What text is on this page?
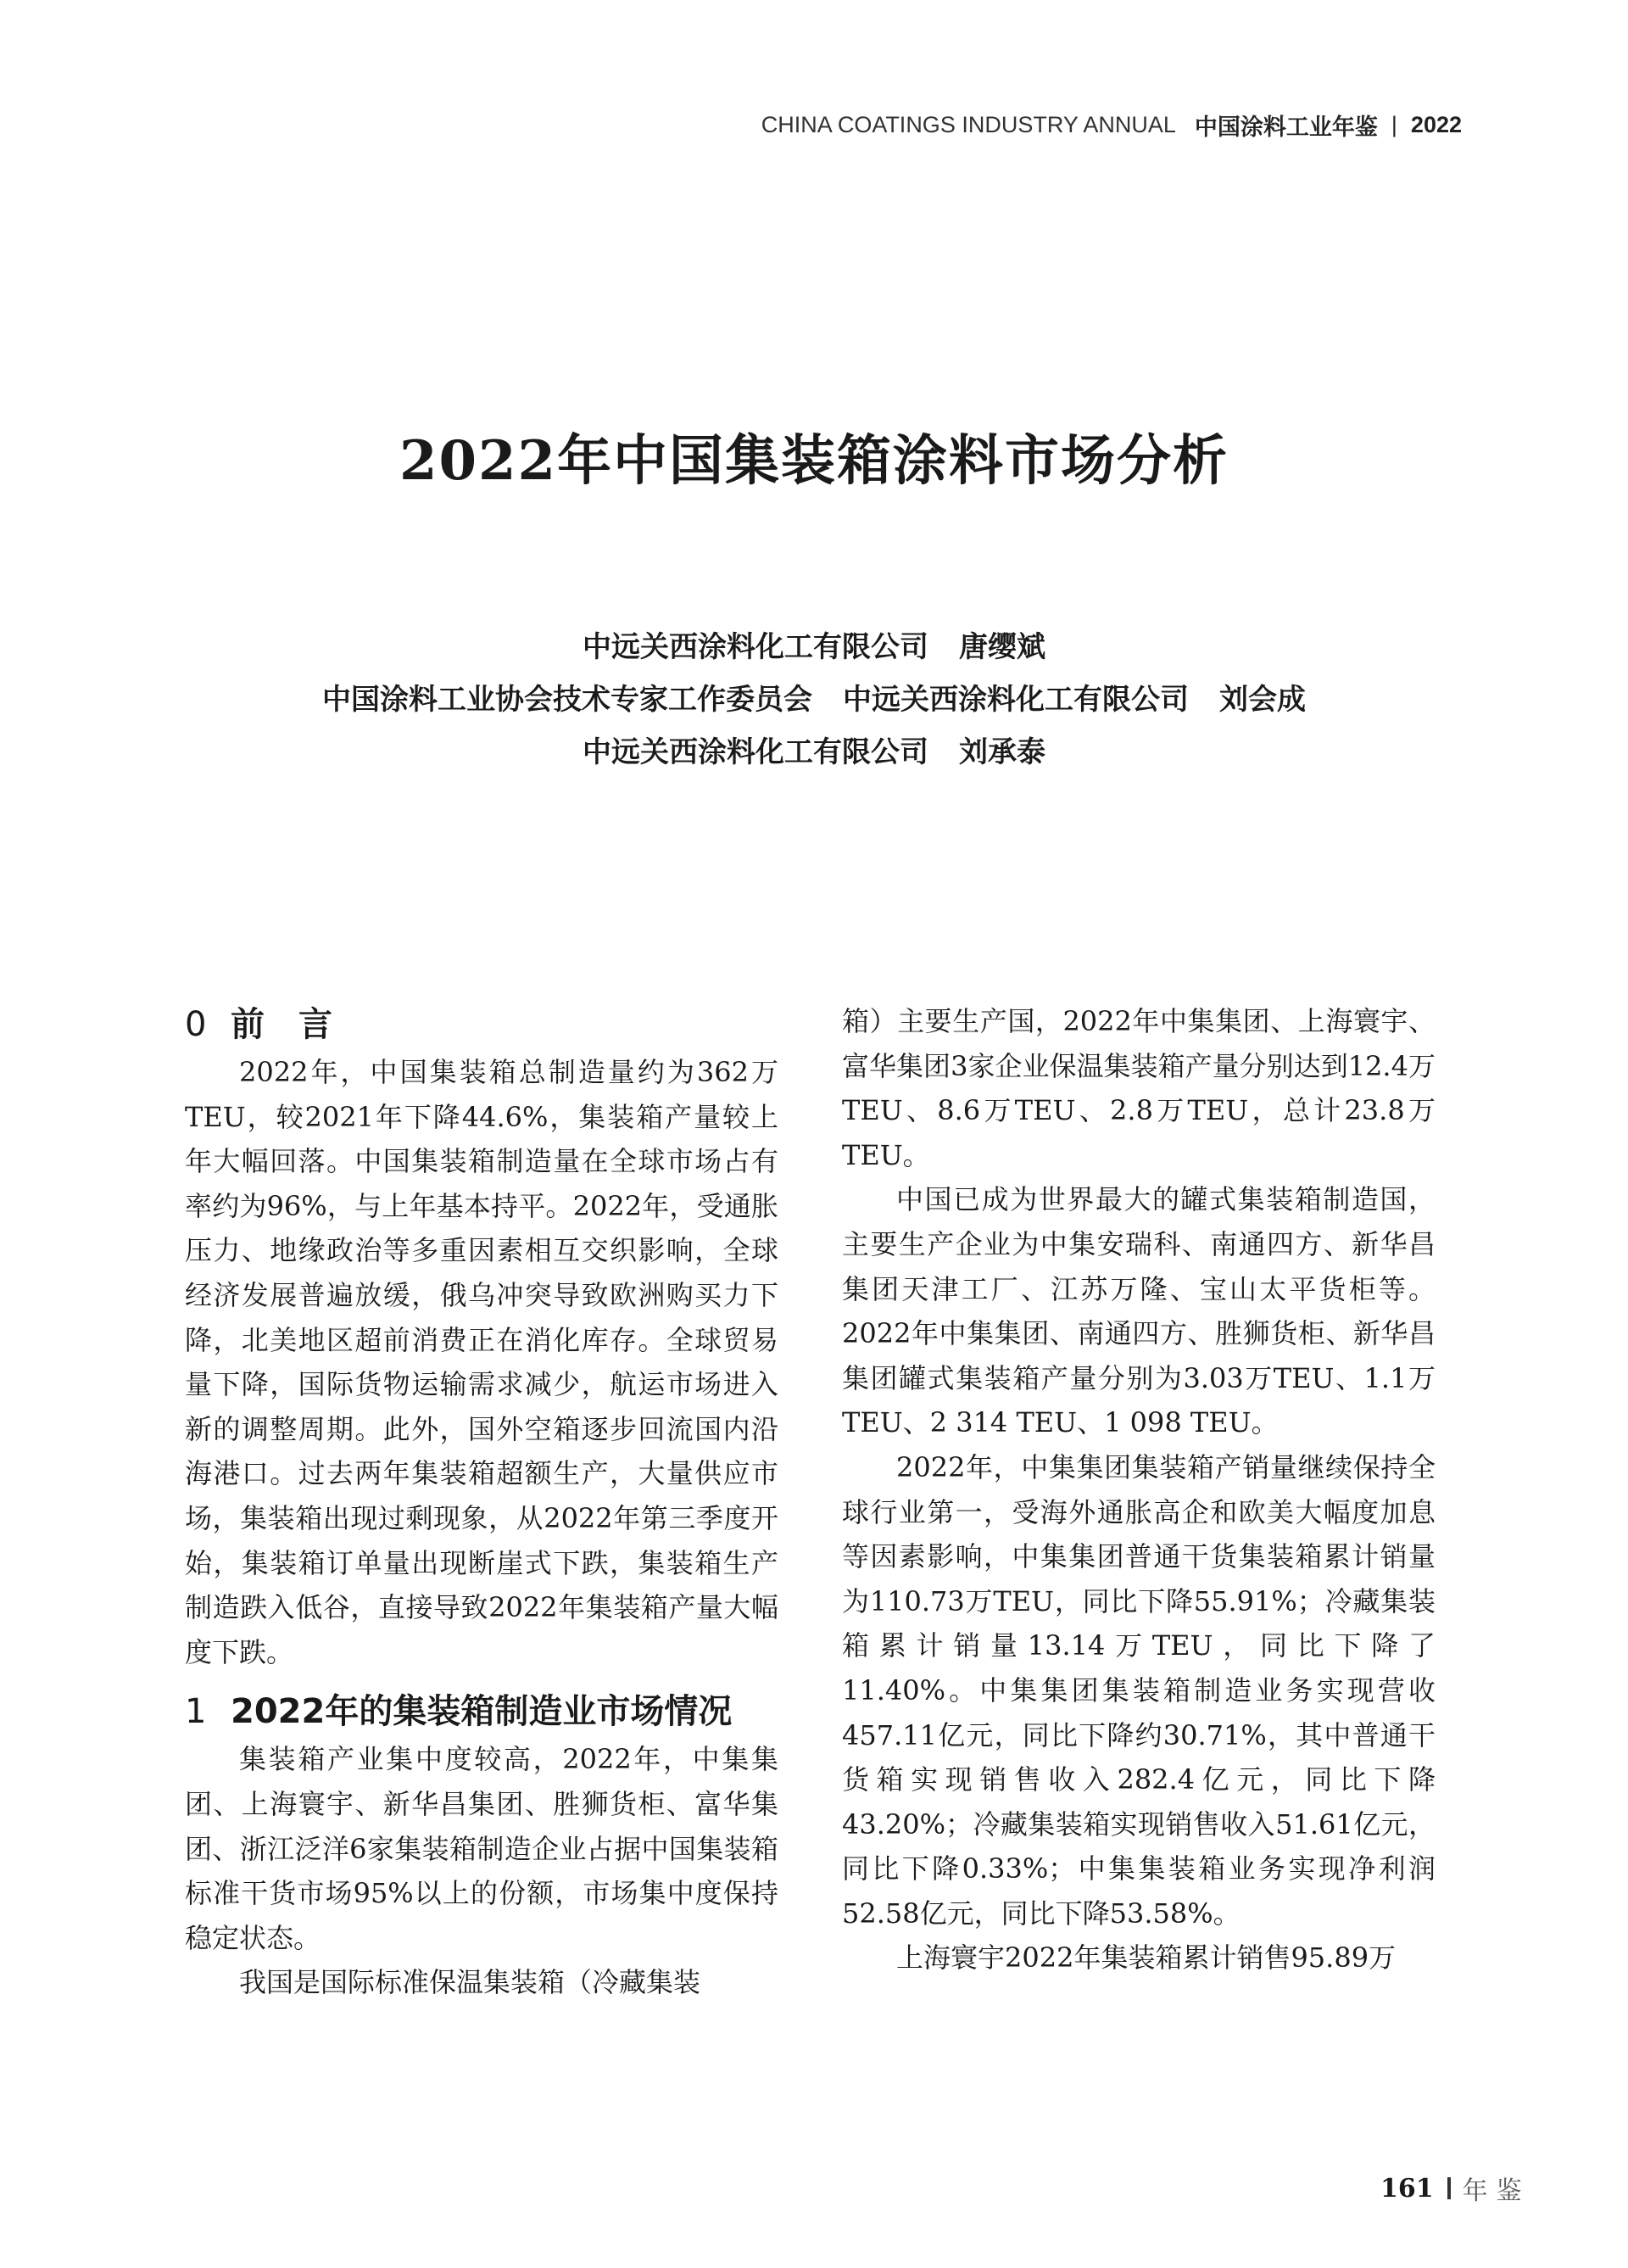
CHINA COATINGS INDUSTRY ANNUAL 中国涂料工业年鉴 | 2022
2022年中国集装箱涂料市场分析
中远关西涂料化工有限公司 唐缨斌
中国涂料工业协会技术专家工作委员会 中远关西涂料化工有限公司 刘会成
中远关西涂料化工有限公司 刘承泰
0 前　言

2022年，中国集装箱总制造量约为362万TEU，较2021年下降44.6%，集装箱产量较上年大幅回落。中国集装箱制造量在全球市场占有率约为96%，与上年基本持平。2022年，受通胀压力、地缘政治等多重因素相互交织影响，全球经济发展普遍放缓，俄乌冲突导致欧洲购买力下降，北美地区超前消费正在消化库存。全球贸易量下降，国际货物运输需求减少，航运市场进入新的调整周期。此外，国外空箱逐步回流国内沿海港口。过去两年集装箱超额生产，大量供应市场，集装箱出现过剩现象，从2022年第三季度开始，集装箱订单量出现断崖式下跌，集装箱生产制造跌入低谷，直接导致2022年集装箱产量大幅度下跌。

1 2022年的集装箱制造业市场情况

集装箱产业集中度较高，2022年，中集集团、上海寰宇、新华昌集团、胜狮货柜、富华集团、浙江泛洋6家集装箱制造企业占据中国集装箱标准干货市场95%以上的份额，市场集中度保持稳定状态。

我国是国际标准保温集装箱（冷藏集装

箱）主要生产国，2022年中集集团、上海寰宇、富华集团3家企业保温集装箱产量分别达到12.4万TEU、8.6万TEU、2.8万TEU，总计23.8万TEU。

中国已成为世界最大的罐式集装箱制造国，主要生产企业为中集安瑞科、南通四方、新华昌集团天津工厂、江苏万隆、宝山太平货柜等。2022年中集集团、南通四方、胜狮货柜、新华昌集团罐式集装箱产量分别为3.03万TEU、1.1万TEU、2 314 TEU、1 098 TEU。

2022年，中集集团集装箱产销量继续保持全球行业第一，受海外通胀高企和欧美大幅度加息等因素影响，中集集团普通干货集装箱累计销量为110.73万TEU，同比下降55.91%；冷藏集装箱累计销量13.14万TEU，同比下降了11.40%。中集集团集装箱制造业务实现营收457.11亿元，同比下降约30.71%，其中普通干货箱实现销售收入282.4亿元，同比下降43.20%；冷藏集装箱实现销售收入51.61亿元，同比下降0.33%；中集集装箱业务实现净利润52.58亿元，同比下降53.58%。

上海寰宇2022年集装箱累计销售95.89万

161 年鉴
